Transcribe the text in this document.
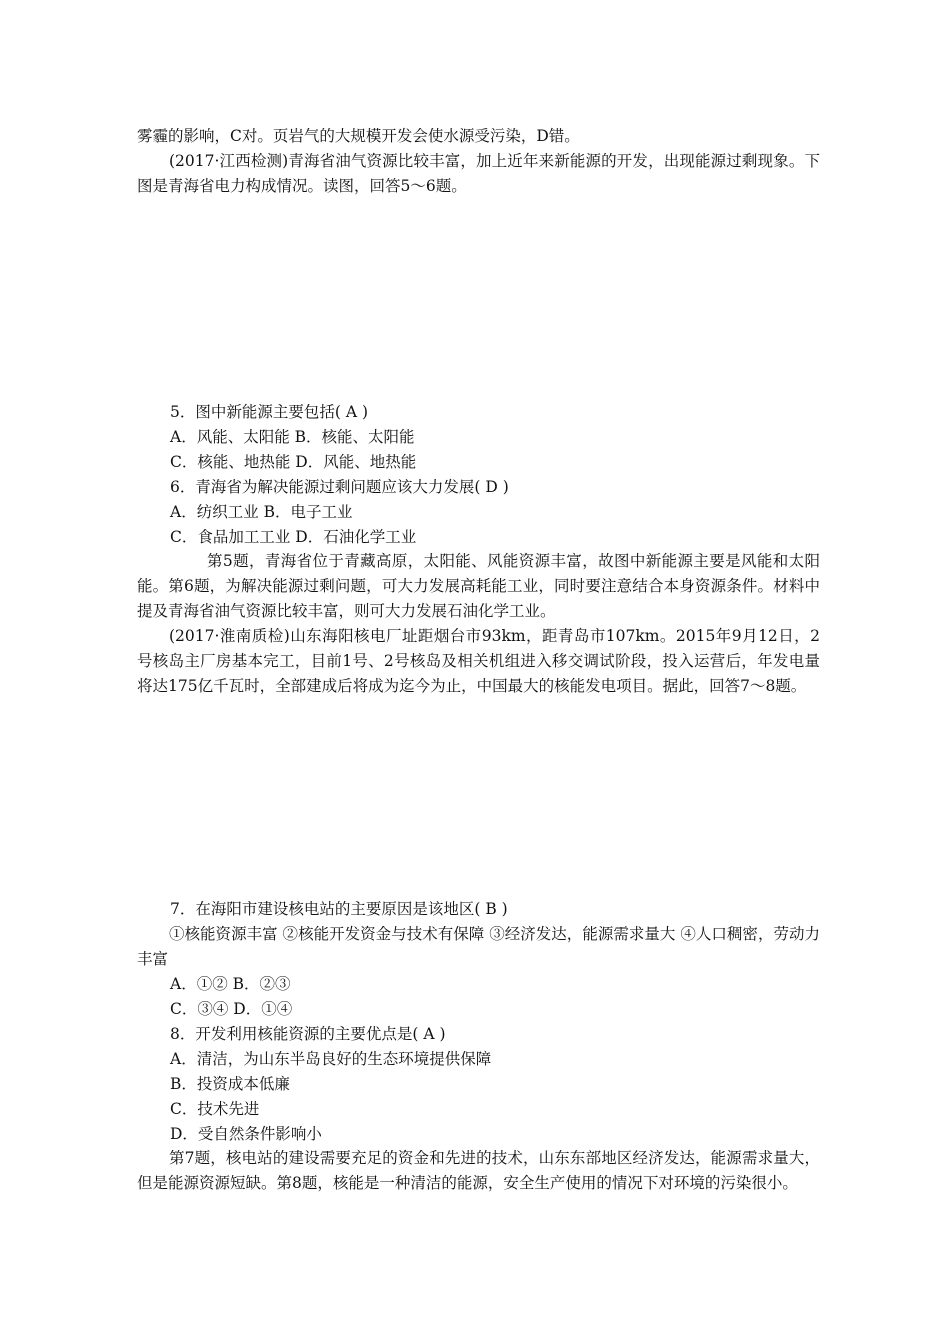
雾霾的影响，C对。页岩气的大规模开发会使水源受污染，D错。

(2017·江西检测)青海省油气资源比较丰富，加上近年来新能源的开发，出现能源过剩现象。下图是青海省电力构成情况。读图，回答5～6题。

5．图中新能源主要包括( A )

A．风能、太阳能 B．核能、太阳能

C．核能、地热能 D．风能、地热能

6．青海省为解决能源过剩问题应该大力发展( D )

A．纺织工业 B．电子工业

C．食品加工工业 D．石油化学工业

第5题，青海省位于青藏高原，太阳能、风能资源丰富，故图中新能源主要是风能和太阳能。第6题，为解决能源过剩问题，可大力发展高耗能工业，同时要注意结合本身资源条件。材料中提及青海省油气资源比较丰富，则可大力发展石油化学工业。

(2017·淮南质检)山东海阳核电厂址距烟台市93km，距青岛市107km。2015年9月12日，2号核岛主厂房基本完工，目前1号、2号核岛及相关机组进入移交调试阶段，投入运营后，年发电量将达175亿千瓦时，全部建成后将成为迄今为止，中国最大的核能发电项目。据此，回答7～8题。

7．在海阳市建设核电站的主要原因是该地区( B )

①核能资源丰富 ②核能开发资金与技术有保障 ③经济发达，能源需求量大 ④人口稠密，劳动力丰富

A．①② B．②③

C．③④ D．①④

8．开发利用核能资源的主要优点是( A )

A．清洁，为山东半岛良好的生态环境提供保障

B．投资成本低廉

C．技术先进

D．受自然条件影响小

第7题，核电站的建设需要充足的资金和先进的技术，山东东部地区经济发达，能源需求量大，但是能源资源短缺。第8题，核能是一种清洁的能源，安全生产使用的情况下对环境的污染很小。
